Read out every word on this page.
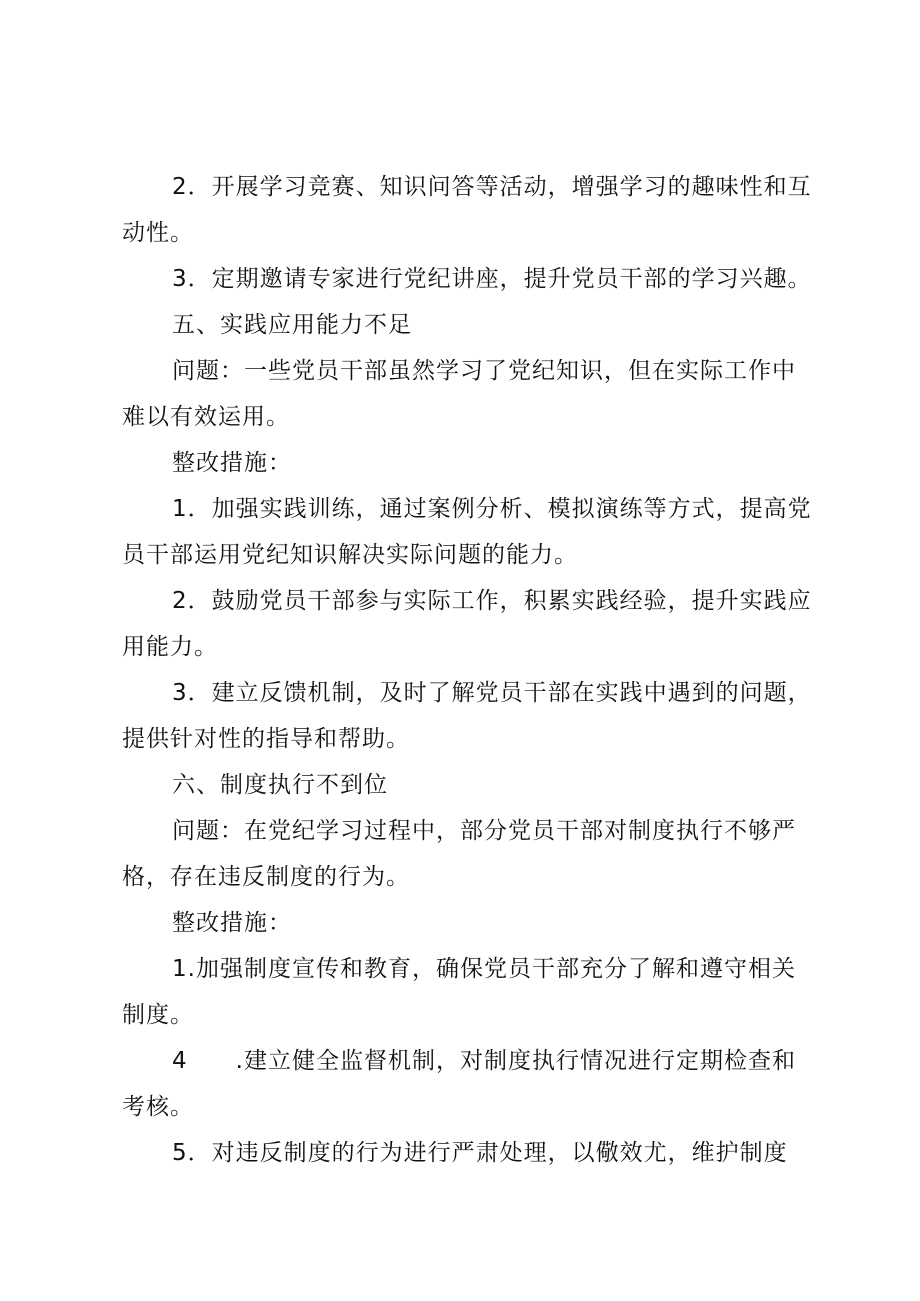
2．开展学习竞赛、知识问答等活动，增强学习的趣味性和互动性。

3．定期邀请专家进行党纪讲座，提升党员干部的学习兴趣。

五、实践应用能力不足

问题：一些党员干部虽然学习了党纪知识，但在实际工作中难以有效运用。

整改措施：

1．加强实践训练，通过案例分析、模拟演练等方式，提高党员干部运用党纪知识解决实际问题的能力。

2．鼓励党员干部参与实际工作，积累实践经验，提升实践应用能力。

3．建立反馈机制，及时了解党员干部在实践中遇到的问题，提供针对性的指导和帮助。

六、制度执行不到位

问题：在党纪学习过程中，部分党员干部对制度执行不够严格，存在违反制度的行为。

整改措施：

1.加强制度宣传和教育，确保党员干部充分了解和遵守相关制度。

4　　.建立健全监督机制，对制度执行情况进行定期检查和考核。

5．对违反制度的行为进行严肃处理，以儆效尤，维护制度
